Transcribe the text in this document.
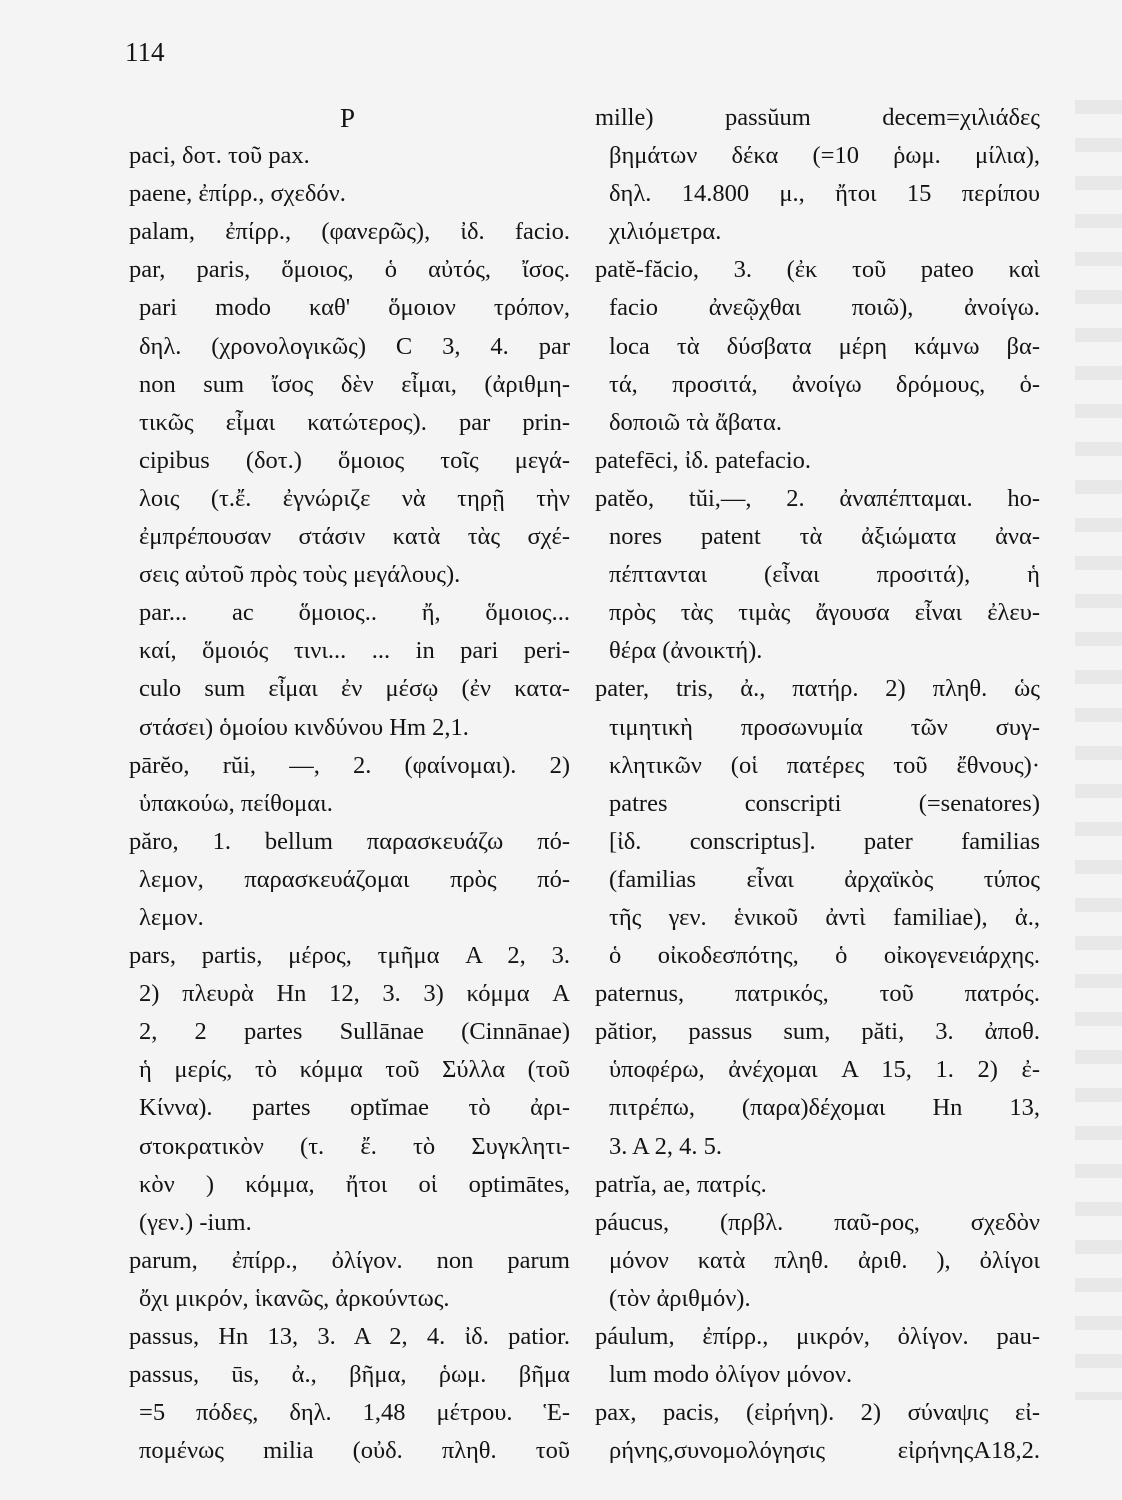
114
P
paci, δοτ. τοῦ pax.
paene, ἐπίρρ., σχεδόν.
palam, ἐπίρρ., (φανερῶς), ἰδ. facio.
par, paris, ὅμοιος, ὁ αὐτός, ἴσος.
pari modo καθ' ὅμοιον τρόπον,
δηλ. (χρονολογικῶς) C 3, 4. par
non sum ἴσος δὲν εἶμαι, (ἀριθμη-
τικῶς εἶμαι κατώτερος). par prin-
cipibus (δοτ.) ὅμοιος τοῖς μεγά-
λοις (τ.ἔ. ἐγνώριζε νὰ τηρῇ τὴν
ἐμπρέπουσαν στάσιν κατὰ τὰς σχέ-
σεις αὐτοῦ πρὸς τοὺς μεγάλους).
par... ac ὅμοιος.. ἤ, ὅμοιος...
καί, ὅμοιός τινι... ... in pari peri-
culo sum εἶμαι ἐν μέσῳ (ἐν κατα-
στάσει) ὁμοίου κινδύνου Hm 2,1.
pārĕo, rŭi, —, 2. (φαίνομαι). 2)
ὑπακούω, πείθομαι.
păro, 1. bellum παρασκευάζω πό-
λεμον, παρασκευάζομαι πρὸς πό-
λεμον.
pars, partis, μέρος, τμῆμα A 2, 3.
2) πλευρὰ Hn 12, 3. 3) κόμμα A
2, 2 partes Sullānae (Cinnānae)
ἡ μερίς, τὸ κόμμα τοῦ Σύλλα (τοῦ
Κίννα). partes optĭmae τὸ ἀρι-
στοκρατικὸν (τ. ἔ. τὸ Συγκλητι-
κὸν ) κόμμα, ἤτοι οἱ optimātes,
(γεν.) -ium.
parum, ἐπίρρ., ὀλίγον. non parum
ὄχι μικρόν, ἱκανῶς, ἀρκούντως.
passus, Hn 13, 3. A 2, 4. ἰδ. patior.
passus, ūs, ἀ., βῆμα, ῥωμ. βῆμα
=5 πόδες, δηλ. 1,48 μέτρου. Ἑ-
πομένως milia (οὐδ. πληθ. τοῦ
mille) passŭum decem=χιλιάδες
βημάτων δέκα (=10 ῥωμ. μίλια),
δηλ. 14.800 μ., ἤτοι 15 περίπου
χιλιόμετρα.
patĕ-făcio, 3. (ἐκ τοῦ pateo καὶ
facio ἀνεῷχθαι ποιῶ), ἀνοίγω.
loca τὰ δύσβατα μέρη κάμνω βα-
τά, προσιτά, ἀνοίγω δρόμους, ὁ-
δοποιῶ τὰ ἄβατα.
patefēci, ἰδ. patefacio.
patĕo, tŭi,—, 2. ἀναπέπταμαι. ho-
nores patent τὰ ἀξιώματα ἀνα-
πέπτανται (εἶναι προσιτά), ἡ
πρὸς τὰς τιμὰς ἄγουσα εἶναι ἐλευ-
θέρα (ἀνοικτή).
pater, tris, ἀ., πατήρ. 2) πληθ. ὡς
τιμητικὴ προσωνυμία τῶν συγ-
κλητικῶν (οἱ πατέρες τοῦ ἔθνους)·
patres conscripti (=senatores)
[ἰδ. conscriptus]. pater familias
(familias εἶναι ἀρχαϊκὸς τύπος
τῆς γεν. ἑνικοῦ ἀντὶ familiae), ἀ.,
ὁ οἰκοδεσπότης, ὁ οἰκογενειάρχης.
paternus, πατρικός, τοῦ πατρός.
pătior, passus sum, păti, 3. ἀποθ.
ὑποφέρω, ἀνέχομαι A 15, 1. 2) ἐ-
πιτρέπω, (παρα)δέχομαι Hn 13,
3. A 2, 4. 5.
patrĭa, ae, πατρίς.
páucus, (πρβλ. παῦ-ρος, σχεδὸν
μόνον κατὰ πληθ. ἀριθ. ), ὀλίγοι
(τὸν ἀριθμόν).
páulum, ἐπίρρ., μικρόν, ὀλίγον. pau-
lum modo ὀλίγον μόνον.
pax, pacis, (εἰρήνη). 2) σύναψις εἰ-
ρήνης,συνομολόγησις εἰρήνηςA18,2.
